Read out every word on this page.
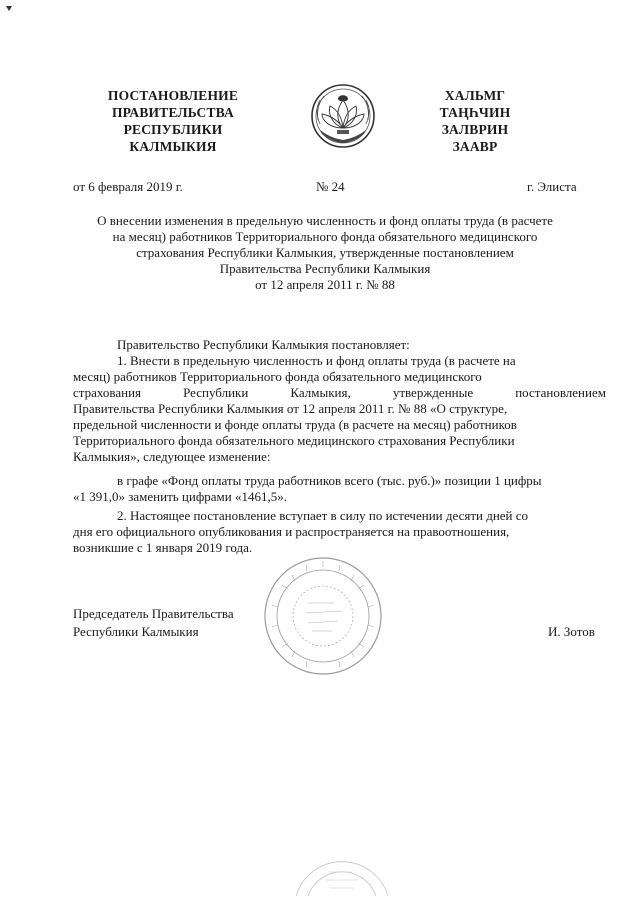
ПОСТАНОВЛЕНИЕ
ПРАВИТЕЛЬСТВА
РЕСПУБЛИКИ
КАЛМЫКИЯ
ХАЛЬМГ
ТАҢҺЧИН
ЗАЛВРИН
ЗААВР
от 6 февраля 2019 г.	№ 24	г. Элиста
О внесении изменения в предельную численность и фонд оплаты труда (в расчете
на месяц) работников Территориального фонда обязательного медицинского
страхования Республики Калмыкия, утвержденные постановлением
Правительства Республики Калмыкия
от 12 апреля 2011 г. № 88
Правительство Республики Калмыкия постановляет:
1. Внести в предельную численность и фонд оплаты труда (в расчете на
месяц) работников Территориального фонда обязательного медицинского
страхования	Республики	Калмыкия,	утвержденные	постановлением
Правительства Республики Калмыкия от 12 апреля 2011 г. № 88 «О структуре,
предельной численности и фонде оплаты труда (в расчете на месяц) работников
Территориального фонда обязательного медицинского страхования Республики
Калмыкия», следующее изменение:
в графе «Фонд оплаты труда работников всего (тыс. руб.)» позиции 1 цифры
«1 391,0» заменить цифрами «1461,5».
2. Настоящее постановление вступает в силу по истечении десяти дней со
дня его официального опубликования и распространяется на правоотношения,
возникшие с 1 января 2019 года.
Председатель Правительства
Республики Калмыкия	И. Зотов
